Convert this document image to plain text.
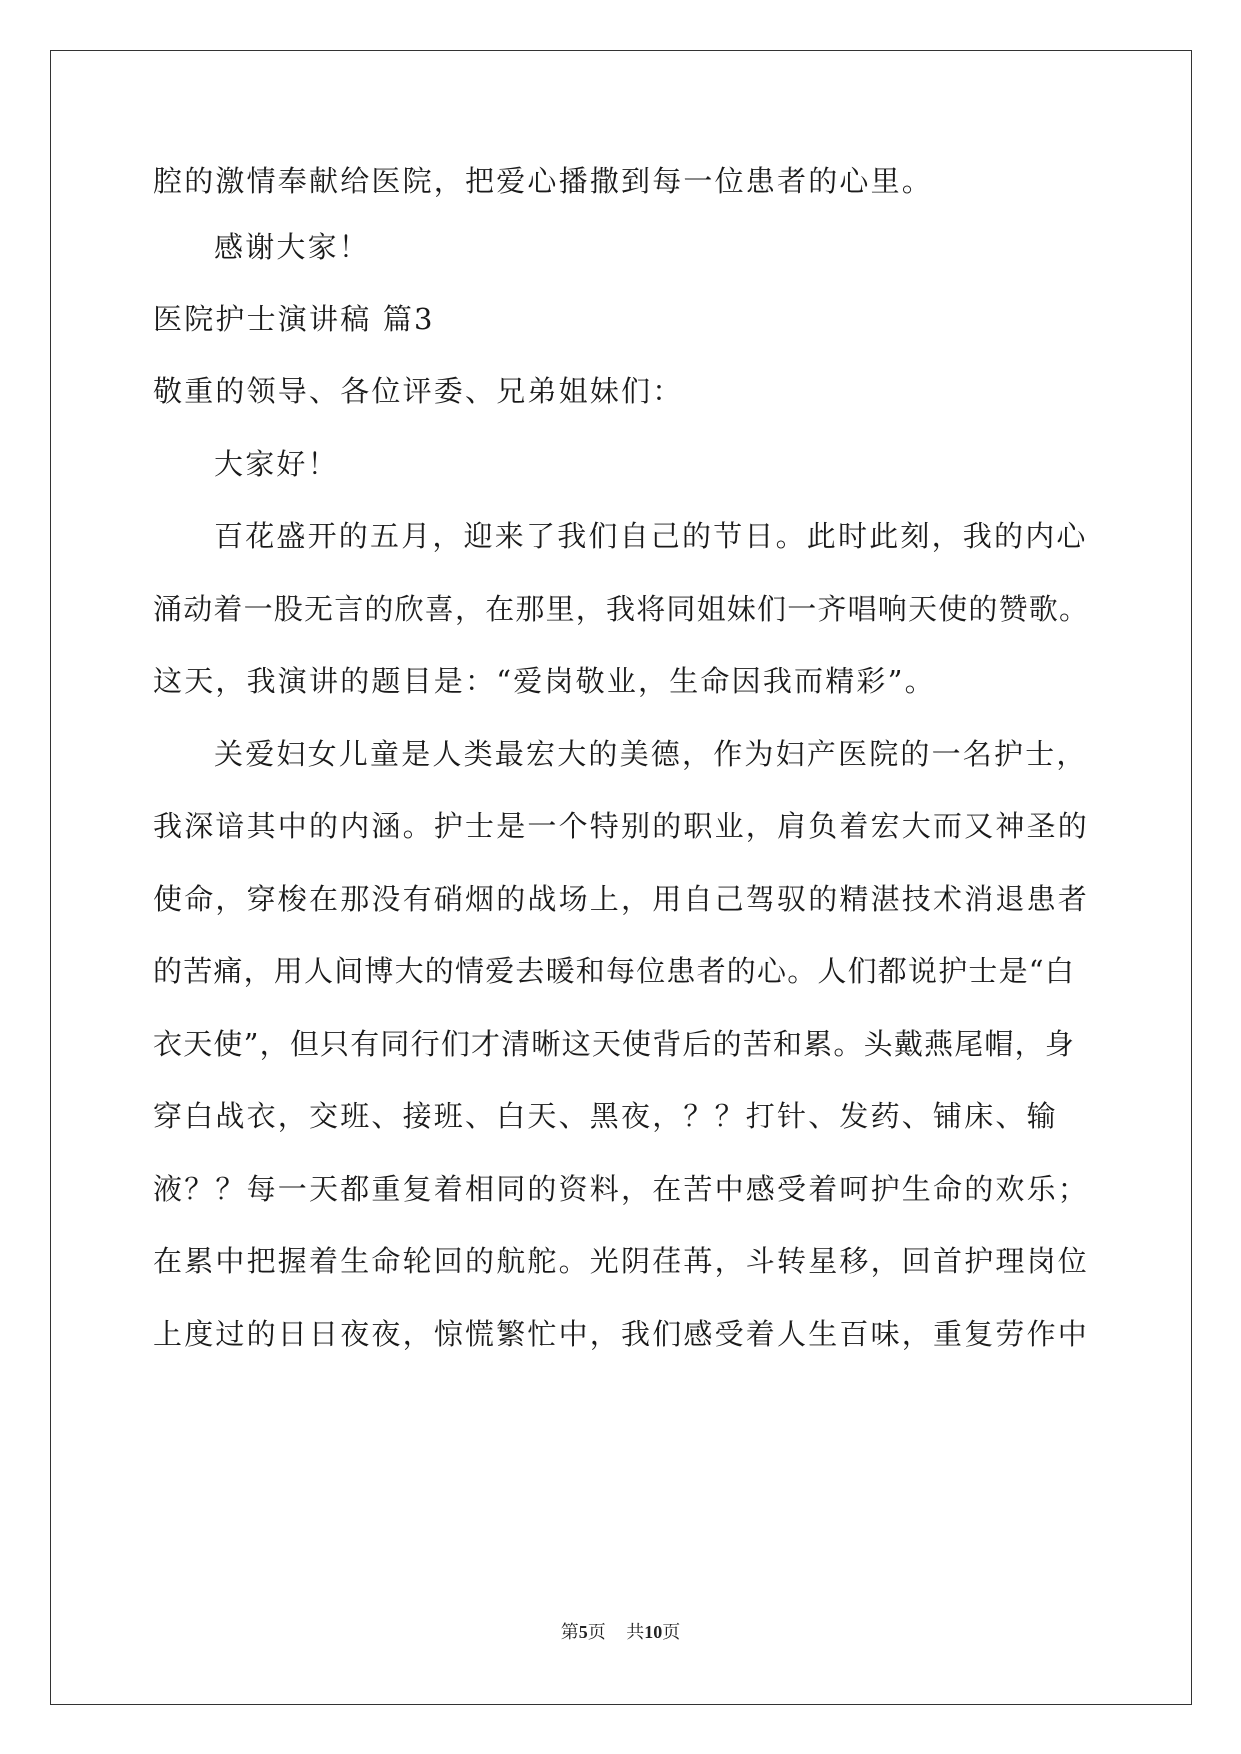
腔的激情奉献给医院，把爱心播撒到每一位患者的心里。
感谢大家！
医院护士演讲稿 篇3
敬重的领导、各位评委、兄弟姐妹们：
大家好！
百花盛开的五月，迎来了我们自己的节日。此时此刻，我的内心
涌动着一股无言的欣喜，在那里，我将同姐妹们一齐唱响天使的赞歌。
这天，我演讲的题目是：“爱岗敬业，生命因我而精彩”。
关爱妇女儿童是人类最宏大的美德，作为妇产医院的一名护士，
我深谙其中的内涵。护士是一个特别的职业，肩负着宏大而又神圣的
使命，穿梭在那没有硝烟的战场上，用自己驾驭的精湛技术消退患者
的苦痛，用人间博大的情爱去暖和每位患者的心。人们都说护士是“白
衣天使”，但只有同行们才清晰这天使背后的苦和累。头戴燕尾帽，身
穿白战衣，交班、接班、白天、黑夜，？？打针、发药、铺床、输
液？？每一天都重复着相同的资料，在苦中感受着呵护生命的欢乐；
在累中把握着生命轮回的航舵。光阴荏苒，斗转星移，回首护理岗位
上度过的日日夜夜，惊慌繁忙中，我们感受着人生百味，重复劳作中
第5页 共10页
